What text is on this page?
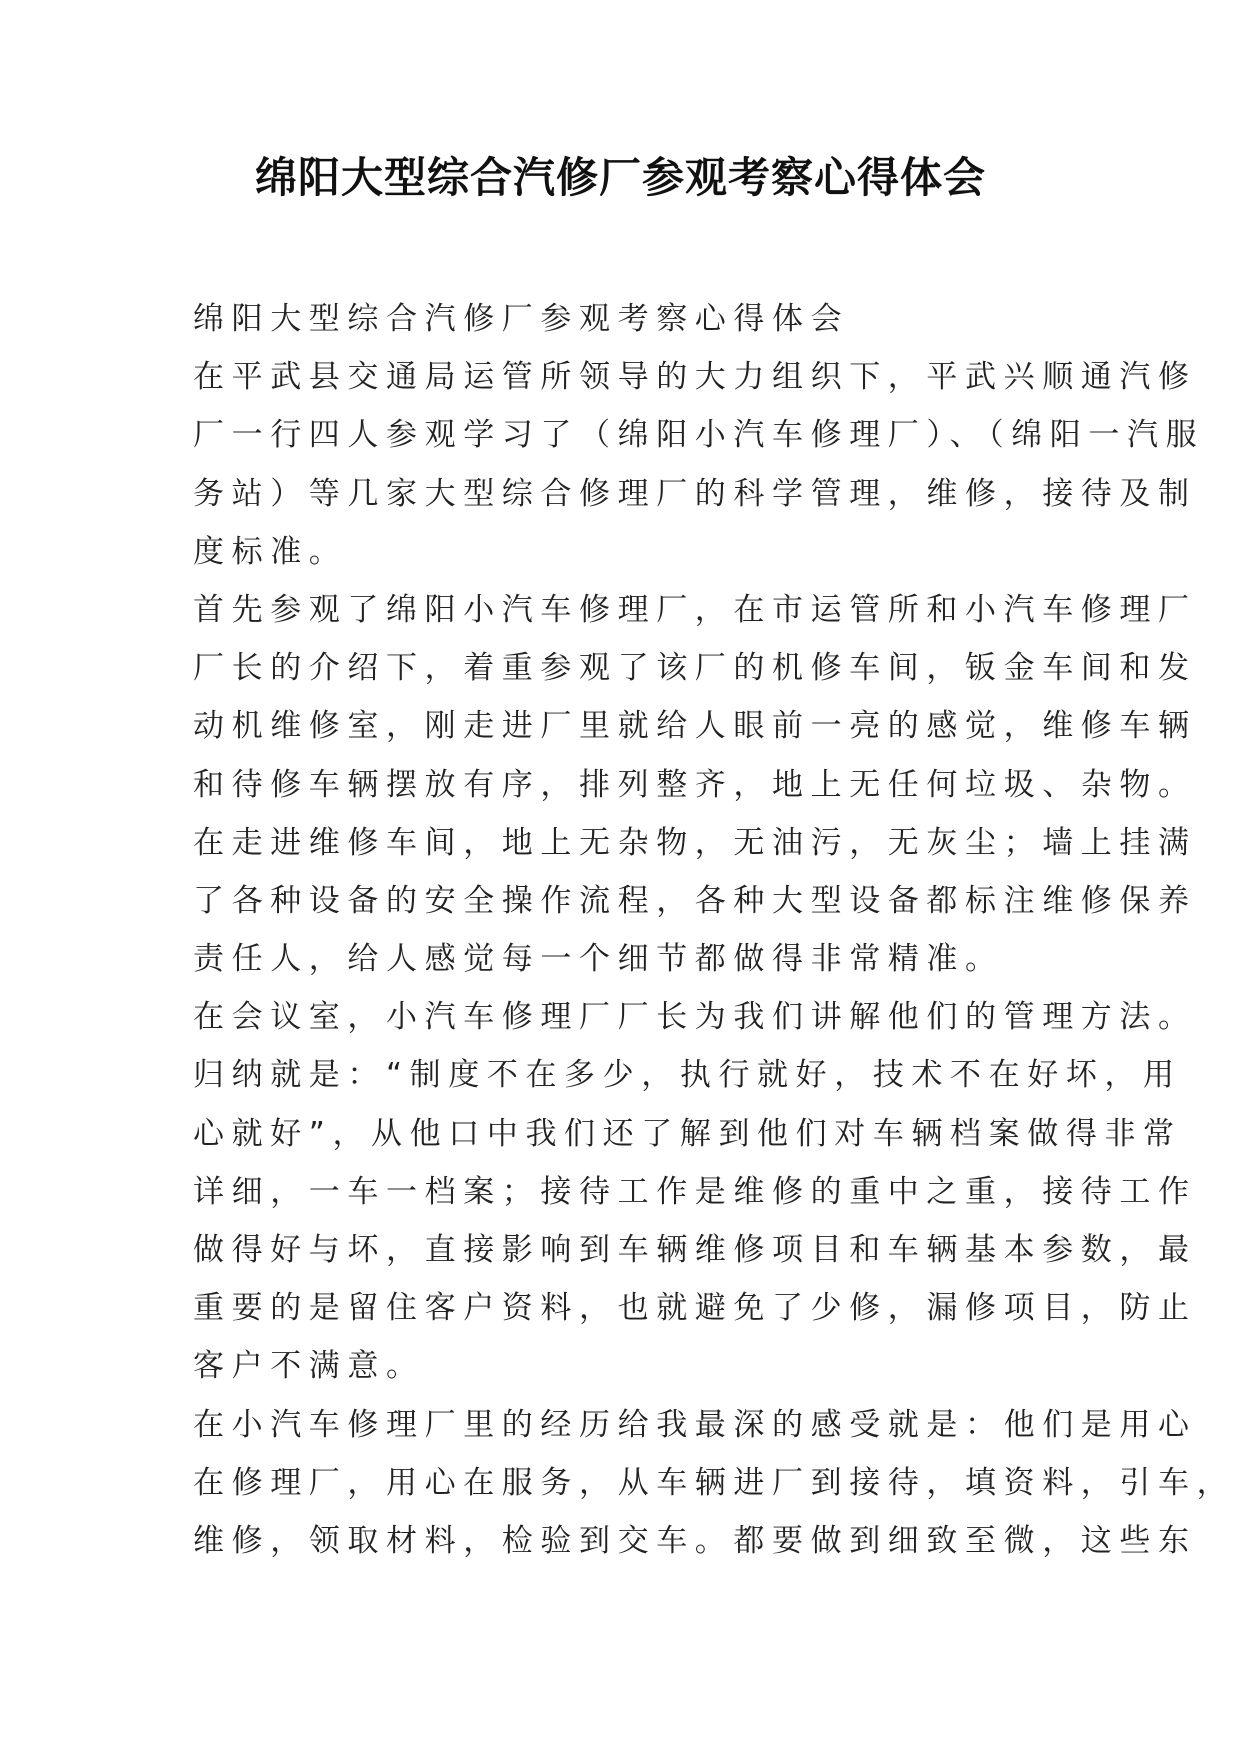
绵阳大型综合汽修厂参观考察心得体会
绵阳大型综合汽修厂参观考察心得体会
在平武县交通局运管所领导的大力组织下，平武兴顺通汽修
厂一行四人参观学习了（绵阳小汽车修理厂）、（绵阳一汽服
务站）等几家大型综合修理厂的科学管理，维修，接待及制
度标准。
首先参观了绵阳小汽车修理厂，在市运管所和小汽车修理厂
厂长的介绍下，着重参观了该厂的机修车间，钣金车间和发
动机维修室，刚走进厂里就给人眼前一亮的感觉，维修车辆
和待修车辆摆放有序，排列整齐，地上无任何垃圾、杂物。
在走进维修车间，地上无杂物，无油污，无灰尘；墙上挂满
了各种设备的安全操作流程，各种大型设备都标注维修保养
责任人，给人感觉每一个细节都做得非常精准。
在会议室，小汽车修理厂厂长为我们讲解他们的管理方法。
归纳就是：“制度不在多少，执行就好，技术不在好坏，用
心就好”，从他口中我们还了解到他们对车辆档案做得非常
详细，一车一档案；接待工作是维修的重中之重，接待工作
做得好与坏，直接影响到车辆维修项目和车辆基本参数，最
重要的是留住客户资料，也就避免了少修，漏修项目，防止
客户不满意。
在小汽车修理厂里的经历给我最深的感受就是：他们是用心
在修理厂，用心在服务，从车辆进厂到接待，填资料，引车，
维修，领取材料，检验到交车。都要做到细致至微，这些东
